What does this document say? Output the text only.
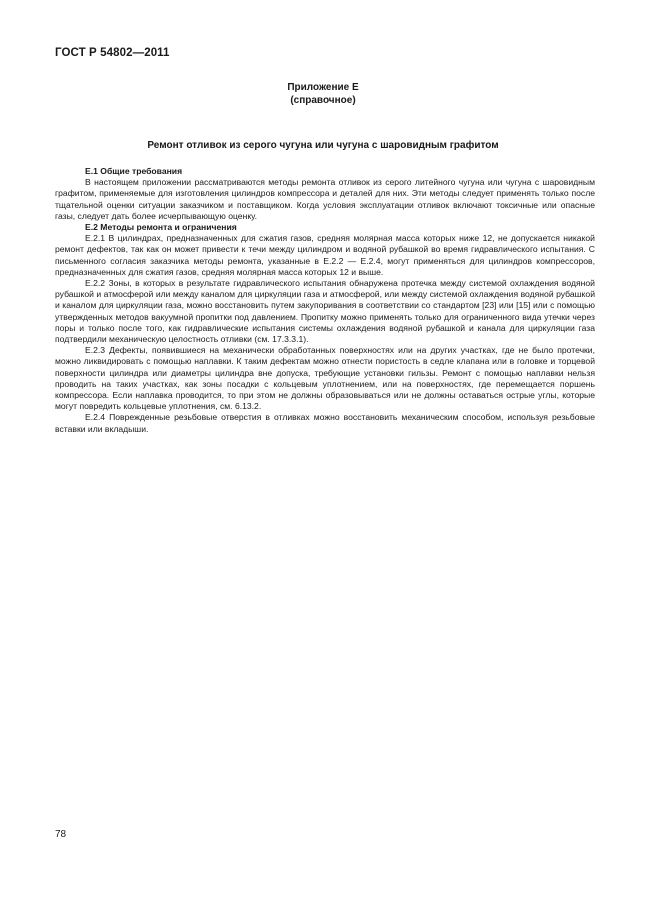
ГОСТ Р 54802—2011
Приложение Е
(справочное)
Ремонт отливок из серого чугуна или чугуна с шаровидным графитом

Е.1 Общие требования

В настоящем приложении рассматриваются методы ремонта отливок из серого литейного чугуна или чугуна с шаровидным графитом, применяемые для изготовления цилиндров компрессора и деталей для них. Эти методы следует применять только после тщательной оценки ситуации заказчиком и поставщиком. Когда условия эксплуатации отливок включают токсичные или опасные газы, следует дать более исчерпывающую оценку.

Е.2 Методы ремонта и ограничения

Е.2.1 В цилиндрах, предназначенных для сжатия газов, средняя молярная масса которых ниже 12, не допускается никакой ремонт дефектов, так как он может привести к течи между цилиндром и водяной рубашкой во время гидравлического испытания. С письменного согласия заказчика методы ремонта, указанные в Е.2.2 — Е.2.4, могут применяться для цилиндров компрессоров, предназначенных для сжатия газов, средняя молярная масса которых 12 и выше.

Е.2.2 Зоны, в которых в результате гидравлического испытания обнаружена протечка между системой охлаждения водяной рубашкой и атмосферой или между каналом для циркуляции газа и атмосферой, или между системой охлаждения водяной рубашкой и каналом для циркуляции газа, можно восстановить путем закупоривания в соответствии со стандартом [23] или [15] или с помощью утвержденных методов вакуумной пропитки под давлением. Пропитку можно применять только для ограниченного вида утечки через поры и только после того, как гидравлические испытания системы охлаждения водяной рубашкой и канала для циркуляции газа подтвердили механическую целостность отливки (см. 17.3.3.1).

Е.2.3 Дефекты, появившиеся на механически обработанных поверхностях или на других участках, где не было протечки, можно ликвидировать с помощью наплавки. К таким дефектам можно отнести пористость в седле клапана или в головке и торцевой поверхности цилиндра или диаметры цилиндра вне допуска, требующие установки гильзы. Ремонт с помощью наплавки нельзя проводить на таких участках, как зоны посадки с кольцевым уплотнением, или на поверхностях, где перемещается поршень компрессора. Если наплавка проводится, то при этом не должны образовываться или не должны оставаться острые углы, которые могут повредить кольцевые уплотнения, см. 6.13.2.

Е.2.4 Поврежденные резьбовые отверстия в отливках можно восстановить механическим способом, используя резьбовые вставки или вкладыши.

78
